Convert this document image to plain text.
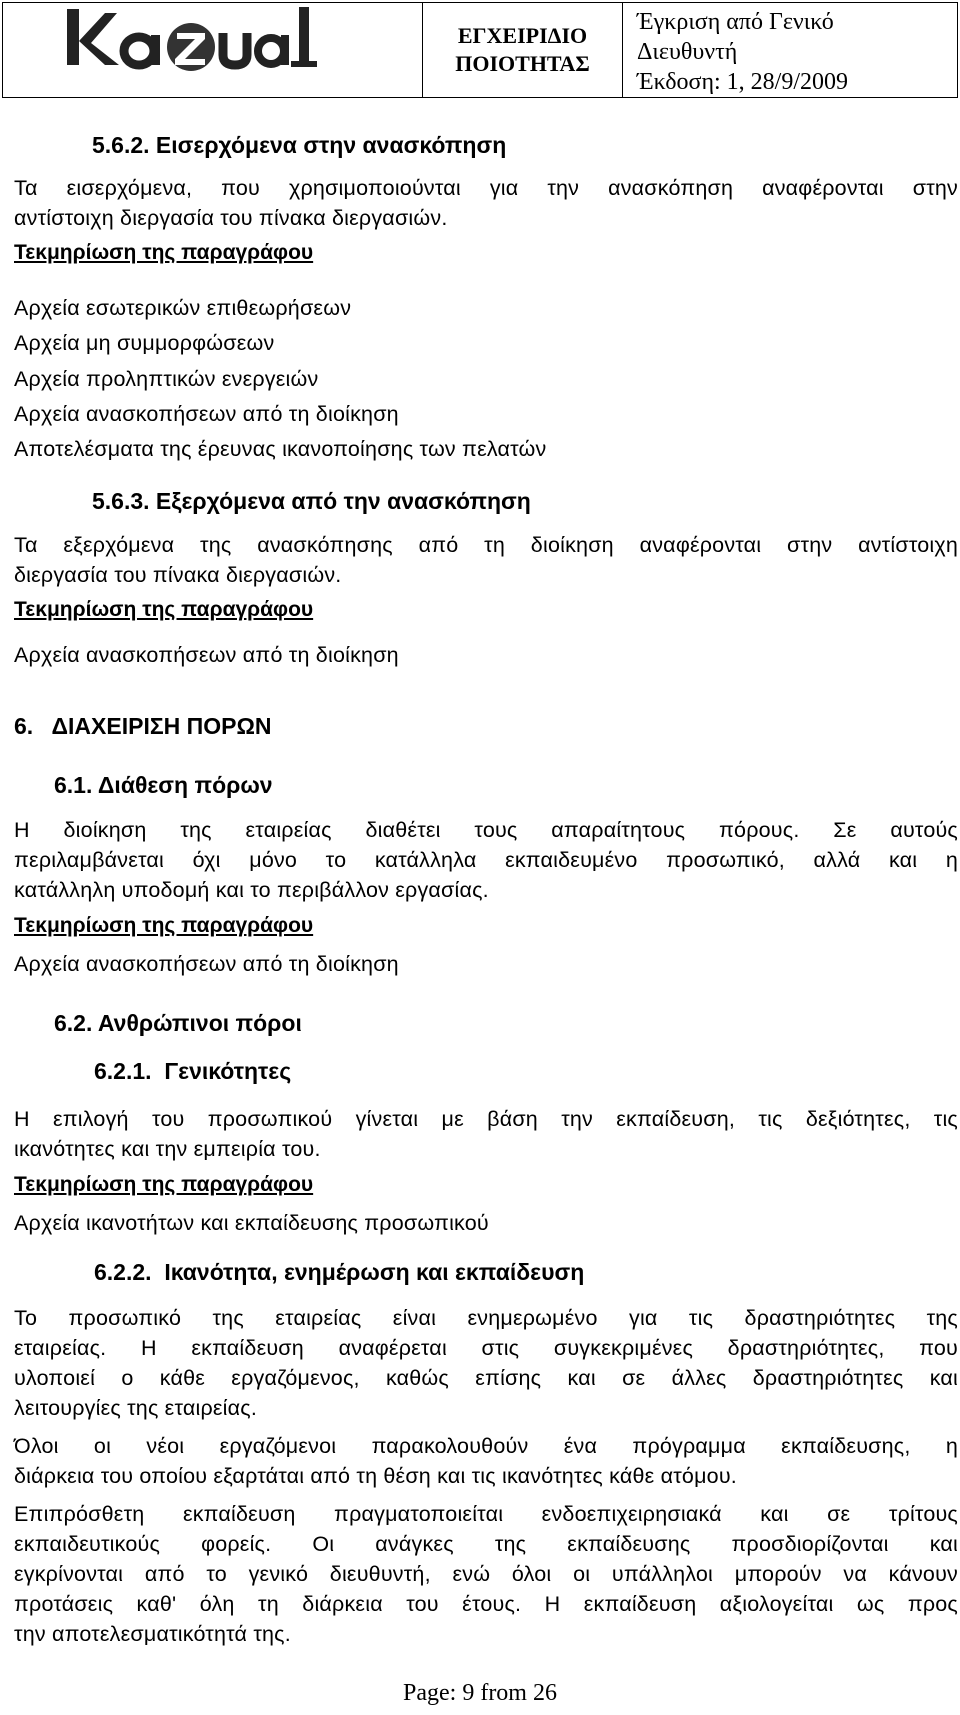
ΕΓΧΕΙΡΙΔΙΟ
ΠΟΙΟΤΗΤΑΣ
Έγκριση από Γενικό
Διευθυντή
Έκδοση: 1, 28/9/2009
5.6.2. Εισερχόμενα στην ανασκόπηση
Τα εισερχόμενα, που χρησιμοποιούνται για την ανασκόπηση αναφέρονται στην
αντίστοιχη διεργασία του πίνακα διεργασιών.
Τεκμηρίωση της παραγράφου
Αρχεία εσωτερικών επιθεωρήσεων
Αρχεία μη συμμορφώσεων
Αρχεία προληπτικών ενεργειών
Αρχεία ανασκοπήσεων από τη διοίκηση
Αποτελέσματα της έρευνας ικανοποίησης των πελατών
5.6.3. Εξερχόμενα από την ανασκόπηση
Τα εξερχόμενα της ανασκόπησης από τη διοίκηση αναφέρονται στην αντίστοιχη
διεργασία του πίνακα διεργασιών.
Τεκμηρίωση της παραγράφου
Αρχεία ανασκοπήσεων από τη διοίκηση
6.   ΔΙΑΧΕΙΡΙΣΗ ΠΟΡΩΝ
6.1. Διάθεση πόρων
Η διοίκηση της εταιρείας διαθέτει τους απαραίτητους πόρους. Σε αυτούς
περιλαμβάνεται όχι μόνο το κατάλληλα εκπαιδευμένο προσωπικό, αλλά και η
κατάλληλη υποδομή και το περιβάλλον εργασίας.
Τεκμηρίωση της παραγράφου
Αρχεία ανασκοπήσεων από τη διοίκηση
6.2. Ανθρώπινοι πόροι
6.2.1.  Γενικότητες
Η επιλογή του προσωπικού γίνεται με βάση την εκπαίδευση, τις δεξιότητες, τις
ικανότητες και την εμπειρία του.
Τεκμηρίωση της παραγράφου
Αρχεία ικανοτήτων και εκπαίδευσης προσωπικού
6.2.2.  Ικανότητα, ενημέρωση και εκπαίδευση
Το προσωπικό της εταιρείας είναι ενημερωμένο για τις δραστηριότητες της
εταιρείας. Η εκπαίδευση αναφέρεται στις συγκεκριμένες δραστηριότητες, που
υλοποιεί ο κάθε εργαζόμενος, καθώς επίσης και σε άλλες δραστηριότητες και
λειτουργίες της εταιρείας.
Όλοι οι νέοι εργαζόμενοι παρακολουθούν ένα πρόγραμμα εκπαίδευσης, η
διάρκεια του οποίου εξαρτάται από τη θέση και τις ικανότητες κάθε ατόμου.
Επιπρόσθετη εκπαίδευση πραγματοποιείται ενδοεπιχειρησιακά και σε τρίτους
εκπαιδευτικούς φορείς. Οι ανάγκες της εκπαίδευσης προσδιορίζονται και
εγκρίνονται από το γενικό διευθυντή, ενώ όλοι οι υπάλληλοι μπορούν να κάνουν
προτάσεις καθ' όλη τη διάρκεια του έτους. Η εκπαίδευση αξιολογείται ως προς
την αποτελεσματικότητά της.
Page: 9 from 26
